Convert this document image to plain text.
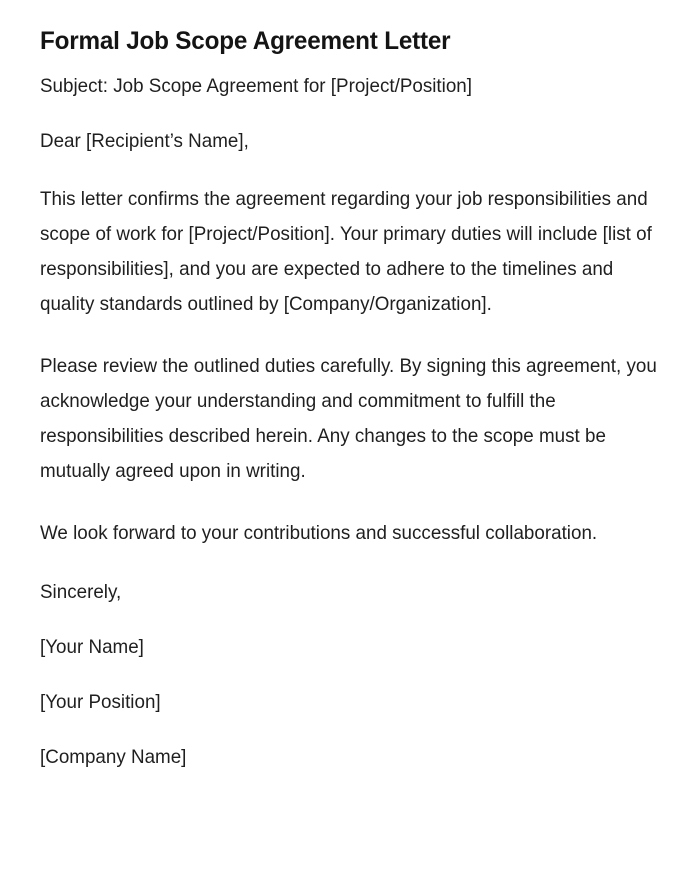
Formal Job Scope Agreement Letter

Subject: Job Scope Agreement for [Project/Position]

Dear [Recipient’s Name],

This letter confirms the agreement regarding your job responsibilities and scope of work for [Project/Position]. Your primary duties will include [list of responsibilities], and you are expected to adhere to the timelines and quality standards outlined by [Company/Organization].

Please review the outlined duties carefully. By signing this agreement, you acknowledge your understanding and commitment to fulfill the responsibilities described herein. Any changes to the scope must be mutually agreed upon in writing.

We look forward to your contributions and successful collaboration.

Sincerely,

[Your Name]

[Your Position]

[Company Name]
